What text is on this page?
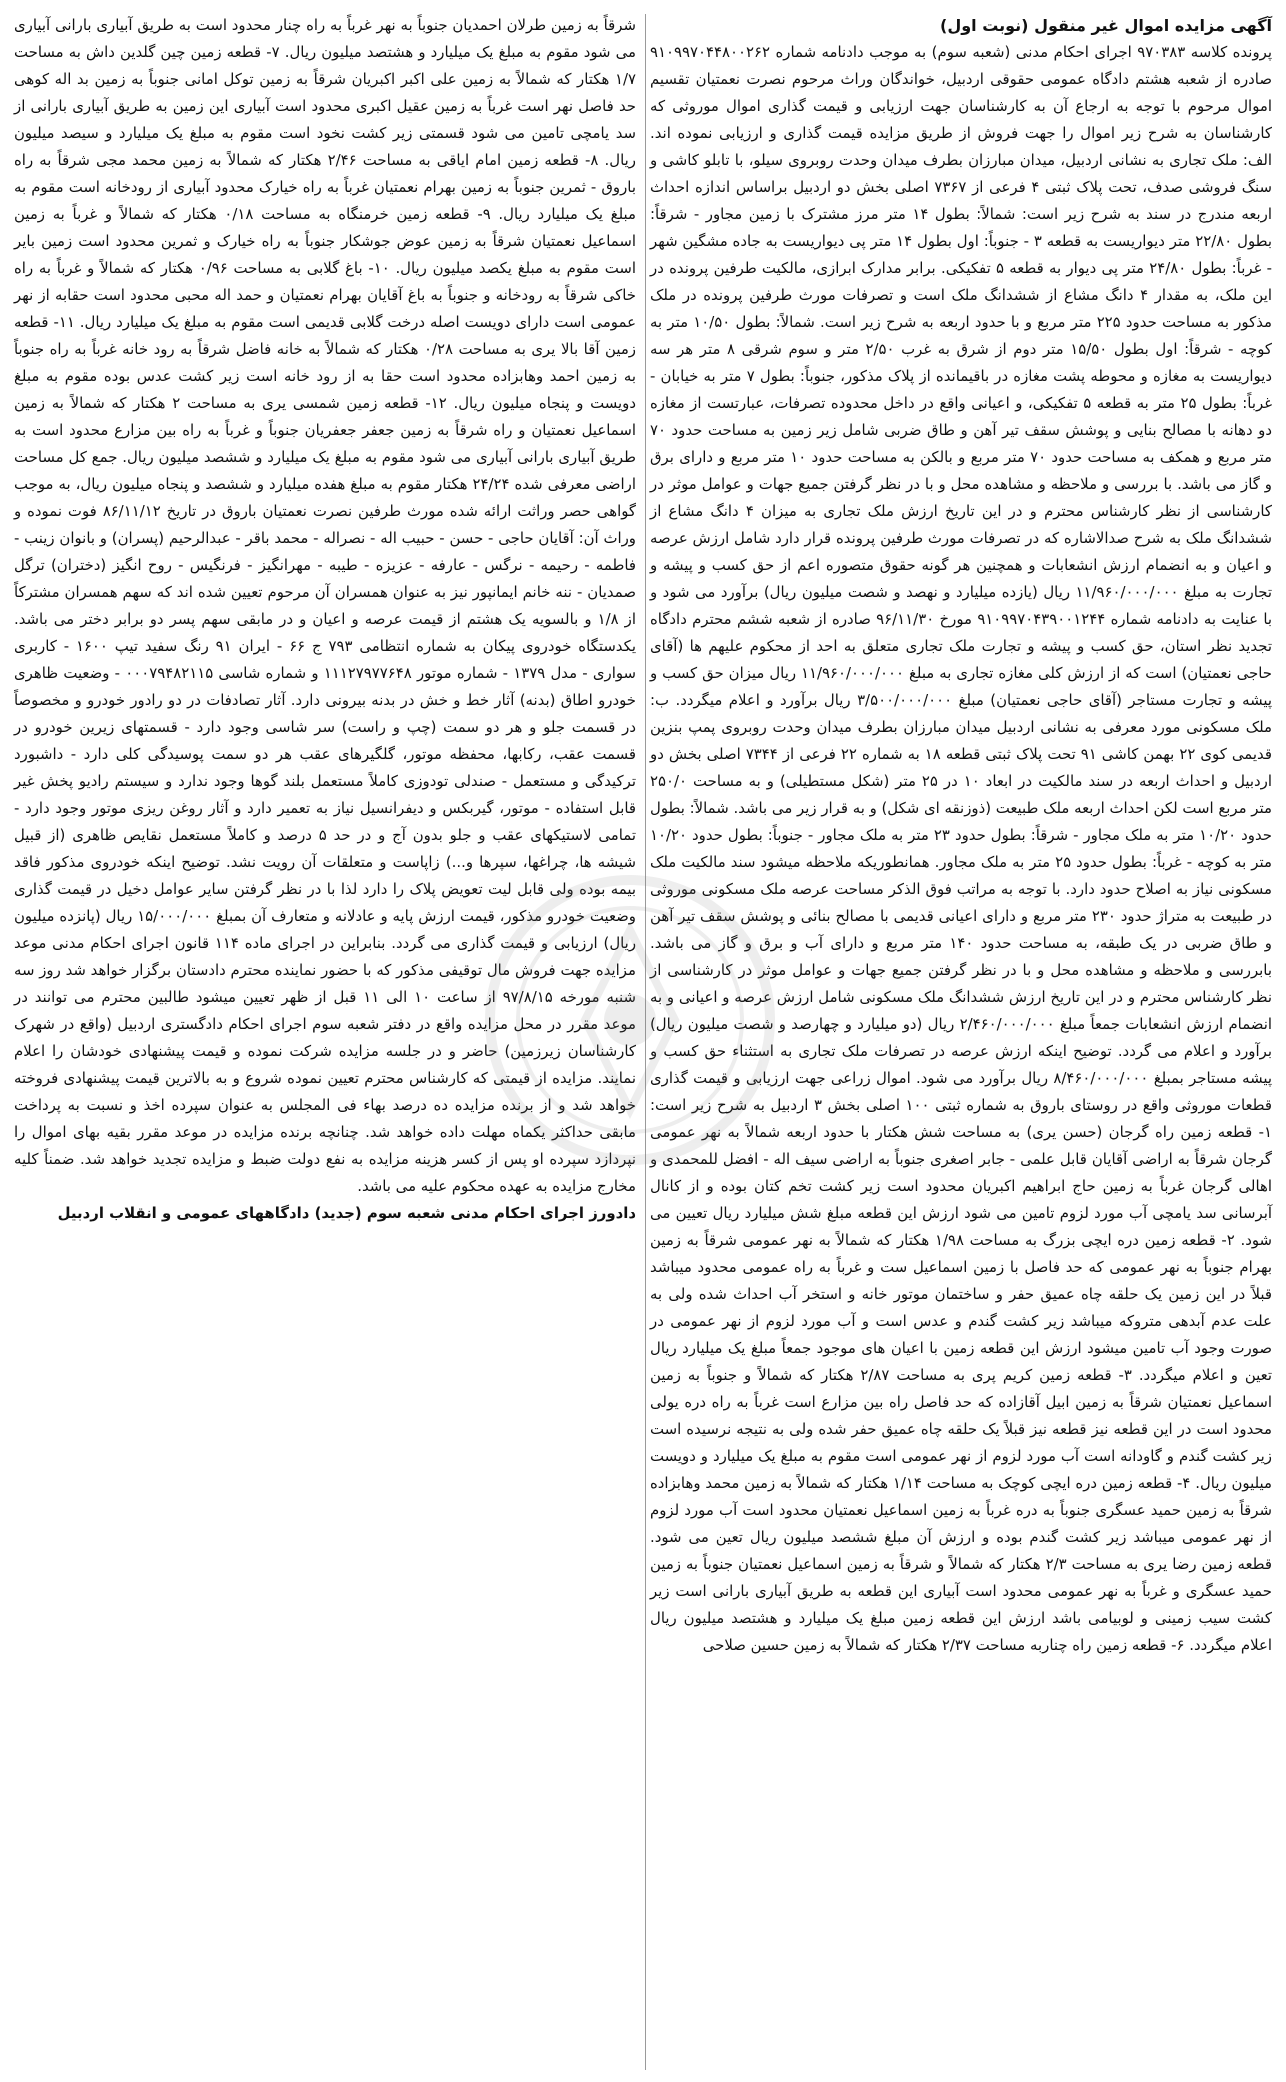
آگهی مزایده اموال غیر منقول (نوبت اول)

پرونده کلاسه ۹۷۰۳۸۳ اجرای احکام مدنی (شعبه سوم) به موجب دادنامه شماره ۹۱۰۹۹۷۰۴۴۸۰۰۲۶۲ صادره از شعبه هشتم دادگاه عمومی حقوقی اردبیل، خواندگان وراث مرحوم نصرت نعمتیان تقسیم اموال مرحوم با توجه به ارجاع آن به کارشناسان جهت ارزیابی و قیمت گذاری اموال موروثی که کارشناسان به شرح زیر اموال را جهت فروش از طریق مزایده قیمت گذاری و ارزیابی نموده اند. الف: ملک تجاری به نشانی اردبیل، میدان مبارزان بطرف میدان وحدت روبروی سیلو، با تابلو کاشی و سنگ فروشی صدف، تحت پلاک ثبتی ۴ فرعی از ۷۳۶۷ اصلی بخش دو اردبیل براساس اندازه احداث اربعه مندرج در سند به شرح زیر است: شمالاً: بطول ۱۴ متر مرز مشترک با زمین مجاور - شرقاً: بطول ۲۲/۸۰ متر دیواریست به قطعه ۳ - جنوباً: اول بطول ۱۴ متر پی دیواریست به جاده مشگین شهر - غرباً: بطول ۲۴/۸۰ متر پی دیوار به قطعه ۵ تفکیکی. برابر مدارک ابرازی، مالکیت طرفین پرونده در این ملک، به مقدار ۴ دانگ مشاع از ششدانگ ملک است و تصرفات مورث طرفین پرونده در ملک مذکور به مساحت حدود ۲۲۵ متر مربع و با حدود اربعه به شرح زیر است. شمالاً: بطول ۱۰/۵۰ متر به کوچه - شرقاً: اول بطول ۱۵/۵۰ متر دوم از شرق به غرب ۲/۵۰ متر و سوم شرقی ۸ متر هر سه دیواریست به مغازه و محوطه پشت مغازه در باقیمانده از پلاک مذکور، جنوباً: بطول ۷ متر به خیابان - غرباً: بطول ۲۵ متر به قطعه ۵ تفکیکی، و اعیانی واقع در داخل محدوده تصرفات، عبارتست از مغازه دو دهانه با مصالح بنایی و پوشش سقف تیر آهن و طاق ضربی شامل زیر زمین به مساحت حدود ۷۰ متر مربع و همکف به مساحت حدود ۷۰ متر مربع و بالکن به مساحت حدود ۱۰ متر مربع و دارای برق و گاز می باشد. با بررسی و ملاحظه و مشاهده محل و با در نظر گرفتن جمیع جهات و عوامل موثر در کارشناسی از نظر کارشناس محترم و در این تاریخ ارزش ملک تجاری به میزان ۴ دانگ مشاع از ششدانگ ملک به شرح صدالاشاره که در تصرفات مورث طرفین پرونده قرار دارد شامل ارزش عرصه و اعیان و به انضمام ارزش انشعابات و همچنین هر گونه حقوق متصوره اعم از حق کسب و پیشه و تجارت به مبلغ ۱۱/۹۶۰/۰۰۰/۰۰۰ ریال (یازده میلیارد و نهصد و شصت میلیون ریال) برآورد می شود و با عنایت به دادنامه شماره ۹۱۰۹۹۷۰۴۳۹۰۰۱۲۴۴ مورخ ۹۶/۱۱/۳۰ صادره از شعبه ششم محترم دادگاه تجدید نظر استان، حق کسب و پیشه و تجارت ملک تجاری متعلق به احد از محکوم علیهم ها (آقای حاجی نعمتیان) است که از ارزش کلی مغازه تجاری به مبلغ ۱۱/۹۶۰/۰۰۰/۰۰۰ ریال میزان حق کسب و پیشه و تجارت مستاجر (آقای حاجی نعمتیان) مبلغ ۳/۵۰۰/۰۰۰/۰۰۰ ریال برآورد و اعلام میگردد. ب: ملک مسکونی مورد معرفی به نشانی اردبیل میدان مبارزان بطرف میدان وحدت روبروی پمپ بنزین قدیمی کوی ۲۲ بهمن کاشی ۹۱ تحت پلاک ثبتی قطعه ۱۸ به شماره ۲۲ فرعی از ۷۳۴۴ اصلی بخش دو اردبیل و احداث اربعه در سند مالکیت در ابعاد ۱۰ در ۲۵ متر (شکل مستطیلی) و به مساحت ۲۵۰/۰ متر مربع است لکن احداث اربعه ملک طبیعت (ذوزنقه ای شکل) و به قرار زیر می باشد. شمالاً: بطول حدود ۱۰/۲۰ متر به ملک مجاور - شرقاً: بطول حدود ۲۳ متر به ملک مجاور - جنوباً: بطول حدود ۱۰/۲۰ متر به کوچه - غرباً: بطول حدود ۲۵ متر به ملک مجاور. همانطوریکه ملاحظه میشود سند مالکیت ملک مسکونی نیاز به اصلاح حدود دارد. با توجه به مراتب فوق الذکر مساحت عرصه ملک مسکونی موروثی در طبیعت به متراژ حدود ۲۳۰ متر مربع و دارای اعیانی قدیمی با مصالح بنائی و پوشش سقف تیر آهن و طاق ضربی در یک طبقه، به مساحت حدود ۱۴۰ متر مربع و دارای آب و برق و گاز می باشد. بابررسی و ملاحظه و مشاهده محل و با در نظر گرفتن جمیع جهات و عوامل موثر در کارشناسی از نظر کارشناس محترم و در این تاریخ ارزش ششدانگ ملک مسکونی شامل ارزش عرصه و اعیانی و به انضمام ارزش انشعابات جمعاً مبلغ ۲/۴۶۰/۰۰۰/۰۰۰ ریال (دو میلیارد و چهارصد و شصت میلیون ریال) برآورد و اعلام می گردد. توضیح اینکه ارزش عرصه در تصرفات ملک تجاری به استثناء حق کسب و پیشه مستاجر بمبلغ ۸/۴۶۰/۰۰۰/۰۰۰ ریال برآورد می شود. اموال زراعی جهت ارزیابی و قیمت گذاری قطعات موروثی واقع در روستای باروق به شماره ثبتی ۱۰۰ اصلی بخش ۳ اردبیل به شرح زیر است: ۱- قطعه زمین راه گرجان (حسن یری) به مساحت شش هکتار با حدود اربعه شمالاً به نهر عمومی گرجان شرقاً به اراضی آقایان قابل علمی - جابر اصغری جنوباً به اراضی سیف اله - افضل للمحمدی و اهالی گرجان غرباً به زمین حاج ابراهیم اکبریان محدود است زیر کشت تخم کتان بوده و از کانال آبرسانی سد یامچی آب مورد لزوم تامین می شود ارزش این قطعه مبلغ شش میلیارد ریال تعیین می شود. ۲- قطعه زمین دره ایچی بزرگ به مساحت ۱/۹۸ هکتار که شمالاً به نهر عمومی شرقاً به زمین بهرام جنوباً به نهر عمومی که حد فاصل با زمین اسماعیل ست و غرباً به راه عمومی محدود میباشد قبلاً در این زمین یک حلقه چاه عمیق حفر و ساختمان موتور خانه و استخر آب احداث شده ولی به علت عدم آبدهی متروکه میباشد زیر کشت گندم و عدس است و آب مورد لزوم از نهر عمومی در صورت وجود آب تامین میشود ارزش این قطعه زمین با اعیان های موجود جمعاً مبلغ یک میلیارد ریال تعین و اعلام میگردد. ۳- قطعه زمین کریم پری به مساحت ۲/۸۷ هکتار که شمالاً و جنوباً به زمین اسماعیل نعمتیان شرقاً به زمین ابیل آقازاده که حد فاصل راه بین مزارع است غرباً به راه دره یولی محدود است در این قطعه نیز قطعه نیز قبلاً یک حلقه چاه عمیق حفر شده ولی به نتیجه نرسیده است زیر کشت گندم و گاودانه است آب مورد لزوم از نهر عمومی است مقوم به مبلغ یک میلیارد و دویست میلیون ریال. ۴- قطعه زمین دره ایچی کوچک به مساحت ۱/۱۴ هکتار که شمالاً به زمین محمد وهابزاده شرقاً به زمین حمید عسگری جنوباً به دره غرباً به زمین اسماعیل نعمتیان محدود است آب مورد لزوم از نهر عمومی میباشد زیر کشت گندم بوده و ارزش آن مبلغ ششصد میلیون ریال تعین می شود. قطعه زمین رضا یری به مساحت ۲/۳ هکتار که شمالاً و شرقاً به زمین اسماعیل نعمتیان جنوباً به زمین حمید عسگری و غرباً به نهر عمومی محدود است آبیاری این قطعه به طریق آبیاری بارانی است زیر کشت سیب زمینی و لوبیامی باشد ارزش این قطعه زمین مبلغ یک میلیارد و هشتصد میلیون ریال اعلام میگردد. ۶- قطعه زمین راه چناربه مساحت ۲/۳۷ هکتار که شمالاً به زمین حسین صلاحی

شرقاً به زمین طرلان احمدیان جنوباً به نهر غرباً به راه چنار محدود است به طریق آبیاری بارانی آبیاری می شود مقوم به مبلغ یک میلیارد و هشتصد میلیون ریال. ۷- قطعه زمین چین گلدین داش به مساحت ۱/۷ هکتار که شمالاً به زمین علی اکبر اکبریان شرقاً به زمین توکل امانی جنوباً به زمین بد اله کوهی حد فاصل نهر است غرباً به زمین عقیل اکبری محدود است آبیاری این زمین به طریق آبیاری بارانی از سد یامچی تامین می شود قسمتی زیر کشت نخود است مقوم به مبلغ یک میلیارد و سیصد میلیون ریال. ۸- قطعه زمین امام ایاقی به مساحت ۲/۴۶ هکتار که شمالاً به زمین محمد مجی شرقاً به راه باروق - ثمرین جنوباً به زمین بهرام نعمتیان غرباً به راه خیارک محدود آبیاری از رودخانه است مقوم به مبلغ یک میلیارد ریال. ۹- قطعه زمین خرمنگاه به مساحت ۰/۱۸ هکتار که شمالاً و غرباً به زمین اسماعیل نعمتیان شرقاً به زمین عوض جوشکار جنوباً به راه خیارک و ثمرین محدود است زمین بایر است مقوم به مبلغ یکصد میلیون ریال. ۱۰- باغ گلابی به مساحت ۰/۹۶ هکتار که شمالاً و غرباً به راه خاکی شرقاً به رودخانه و جنوباً به باغ آقایان بهرام نعمتیان و حمد اله محبی محدود است حقابه از نهر عمومی است دارای دویست اصله درخت گلابی قدیمی است مقوم به مبلغ یک میلیارد ریال. ۱۱- قطعه زمین آقا بالا یری به مساحت ۰/۲۸ هکتار که شمالاً به خانه فاضل شرقاً به رود خانه غرباً به راه جنوباً به زمین احمد وهابزاده محدود است حقا به از رود خانه است زیر کشت عدس بوده مقوم به مبلغ دویست و پنجاه میلیون ریال. ۱۲- قطعه زمین شمسی یری به مساحت ۲ هکتار که شمالاً به زمین اسماعیل نعمتیان و راه شرقاً به زمین جعفر جعفریان جنوباً و غرباً به راه بین مزارع محدود است به طریق آبیاری بارانی آبیاری می شود مقوم به مبلغ یک میلیارد و ششصد میلیون ریال. جمع کل مساحت اراضی معرفی شده ۲۴/۲۴ هکتار مقوم به مبلغ هفده میلیارد و ششصد و پنجاه میلیون ریال، به موجب گواهی حصر وراثت ارائه شده مورث طرفین نصرت نعمتیان باروق در تاریخ ۸۶/۱۱/۱۲ فوت نموده و وراث آن: آقایان حاجی - حسن - حبیب اله - نصراله - محمد باقر - عبدالرحیم (پسران) و بانوان زینب - فاطمه - رحیمه - نرگس - عارفه - عزیزه - طیبه - مهرانگیز - فرنگیس - روح انگیز (دختران) ترگل صمدیان - ننه خانم ایمانپور نیز به عنوان همسران آن مرحوم تعیین شده اند که سهم همسران مشترکاً از ۱/۸ و بالسویه یک هشتم از قیمت عرصه و اعیان و در مابقی سهم پسر دو برابر دختر می باشد. یکدستگاه خودروی پیکان به شماره انتظامی ۷۹۳ ج ۶۶ - ایران ۹۱ رنگ سفید تیپ ۱۶۰۰ - کاربری سواری - مدل ۱۳۷۹ - شماره موتور ۱۱۱۲۷۹۷۷۶۴۸ و شماره شاسی ۰۰۰۷۹۴۸۲۱۱۵ - وضعیت ظاهری خودرو اطاق (بدنه) آثار خط و خش در بدنه بیرونی دارد. آثار تصادفات در دو رادور خودرو و مخصوصاً در قسمت جلو و هر دو سمت (چپ و راست) سر شاسی وجود دارد - قسمتهای زیرین خودرو در قسمت عقب، رکابها، محفظه موتور، گلگیرهای عقب هر دو سمت پوسیدگی کلی دارد - داشبورد ترکیدگی و مستعمل - صندلی تودوزی کاملاً مستعمل بلند گوها وجود ندارد و سیستم رادیو پخش غیر قابل استفاده - موتور، گیربکس و دیفرانسیل نیاز به تعمیر دارد و آثار روغن ریزی موتور وجود دارد - تمامی لاستیکهای عقب و جلو بدون آج و در حد ۵ درصد و کاملاً مستعمل نقایص ظاهری (از قبیل شیشه ها، چراغها، سپرها و...) زاپاست و متعلقات آن رویت نشد. توضیح اینکه خودروی مذکور فاقد بیمه بوده ولی قابل لیت تعویض پلاک را دارد لذا با در نظر گرفتن سایر عوامل دخیل در قیمت گذاری وضعیت خودرو مذکور، قیمت ارزش پایه و عادلانه و متعارف آن بمبلغ ۱۵/۰۰۰/۰۰۰ ریال (پانزده میلیون ریال) ارزیابی و قیمت گذاری می گردد. بنابراین در اجرای ماده ۱۱۴ قانون اجرای احکام مدنی موعد مزایده جهت فروش مال توقیفی مذکور که با حضور نماینده محترم دادستان برگزار خواهد شد روز سه شنبه مورخه ۹۷/۸/۱۵ از ساعت ۱۰ الی ۱۱ قبل از ظهر تعیین میشود طالبین محترم می توانند در موعد مقرر در محل مزایده واقع در دفتر شعبه سوم اجرای احکام دادگستری اردبیل (واقع در شهرک کارشناسان زیرزمین) حاضر و در جلسه مزایده شرکت نموده و قیمت پیشنهادی خودشان را اعلام نمایند. مزایده از قیمتی که کارشناس محترم تعیین نموده شروع و به بالاترین قیمت پیشنهادی فروخته خواهد شد و از برنده مزایده ده درصد بهاء فی المجلس به عنوان سپرده اخذ و نسبت به پرداخت مابقی حداکثر یکماه مهلت داده خواهد شد. چنانچه برنده مزایده در موعد مقرر بقیه بهای اموال را نپردازد سپرده او پس از کسر هزینه مزایده به نفع دولت ضبط و مزایده تجدید خواهد شد. ضمناً کلیه مخارج مزایده به عهده محکوم علیه می باشد.

دادورز اجرای احکام مدنی شعبه سوم (جدید) دادگاههای عمومی و انقلاب اردبیل
